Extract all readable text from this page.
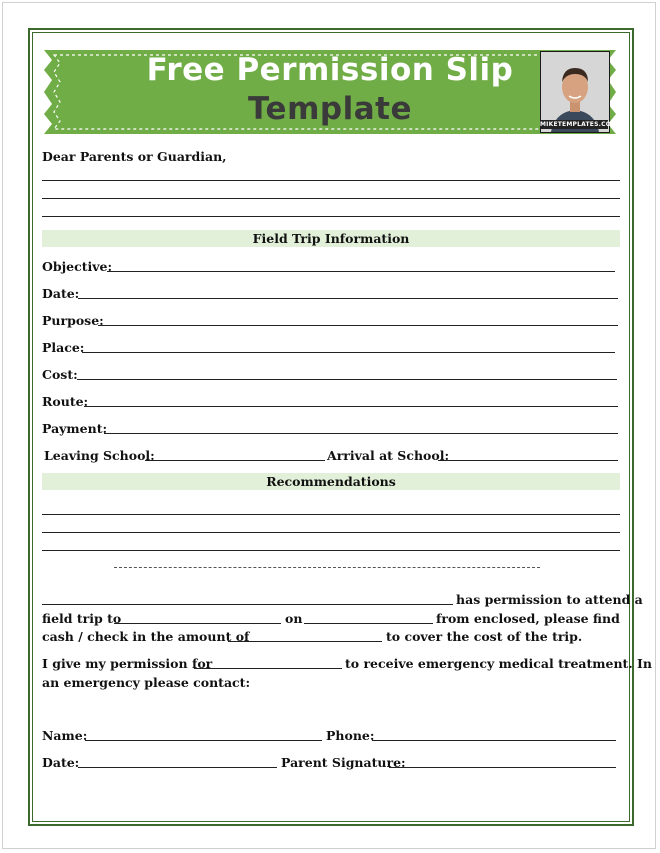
Free Permission Slip
Template	MIKETEMPLATES.COM
Dear Parents or Guardian,
Field Trip Information
Objective:
Date:
Purpose:
Place:
Cost:
Route:
Payment:
Leaving School:	Arrival at School:
Recommendations
has permission to attend a
field trip to	on	from enclosed, please find
cash / check in the amount of	to cover the cost of the trip.
I give my permission for	to receive emergency medical treatment. In
an emergency please contact:
Name:	Phone:
Date:	Parent Signature:
